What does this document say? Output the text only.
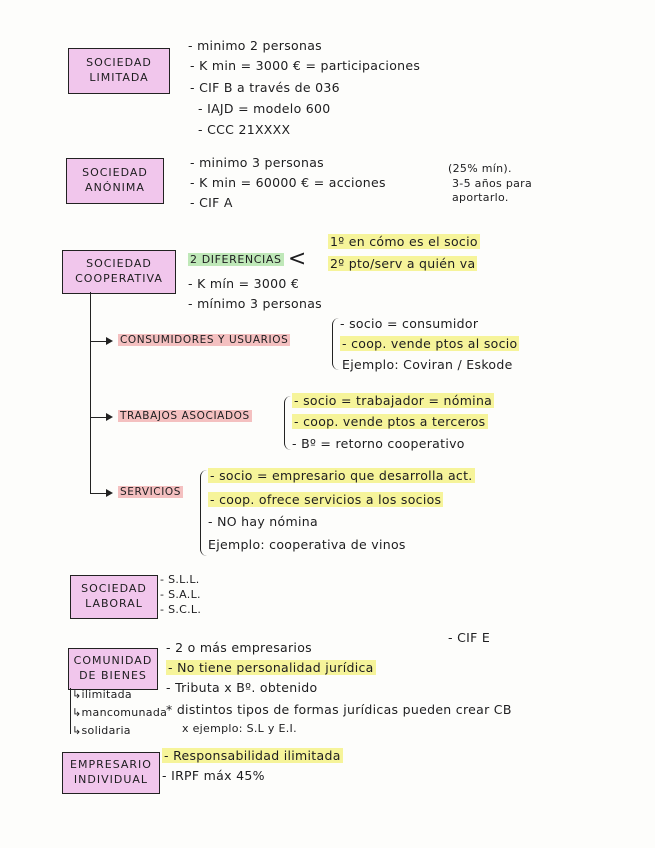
SOCIEDAD
LIMITADA
- minimo 2 personas
- K min = 3000 € = participaciones
- CIF B a través de 036
- IAJD = modelo 600
- CCC 21XXXX
SOCIEDAD
ANÓNIMA
- minimo 3 personas
- K min = 60000 € = acciones
- CIF A
(25% mín).
3-5 años para
aportarlo.
SOCIEDAD
COOPERATIVA
2 DIFERENCIAS <
1º en cómo es el socio
2º pto/serv a quién va
- K mín = 3000 €
- mínimo 3 personas
CONSUMIDORES Y USUARIOS
- socio = consumidor
- coop. vende ptos al socio
Ejemplo: Coviran / Eskode
TRABAJOS ASOCIADOS
- socio = trabajador = nómina
- coop. vende ptos a terceros
- Bº = retorno cooperativo
SERVICIOS
- socio = empresario que desarrolla act.
- coop. ofrece servicios a los socios
- NO hay nómina
Ejemplo: cooperativa de vinos
SOCIEDAD
LABORAL
- S.L.L.
- S.A.L.
- S.C.L.
COMUNIDAD
DE BIENES
- 2 o más empresarios
- No tiene personalidad jurídica
- Tributa x Bº. obtenido
* distintos tipos de formas jurídicas pueden crear CB
x ejemplo: S.L y E.I.
- CIF E
↳ilimitada
↳mancomunada
↳solidaria
EMPRESARIO
INDIVIDUAL
- Responsabilidad ilimitada
- IRPF máx 45%
